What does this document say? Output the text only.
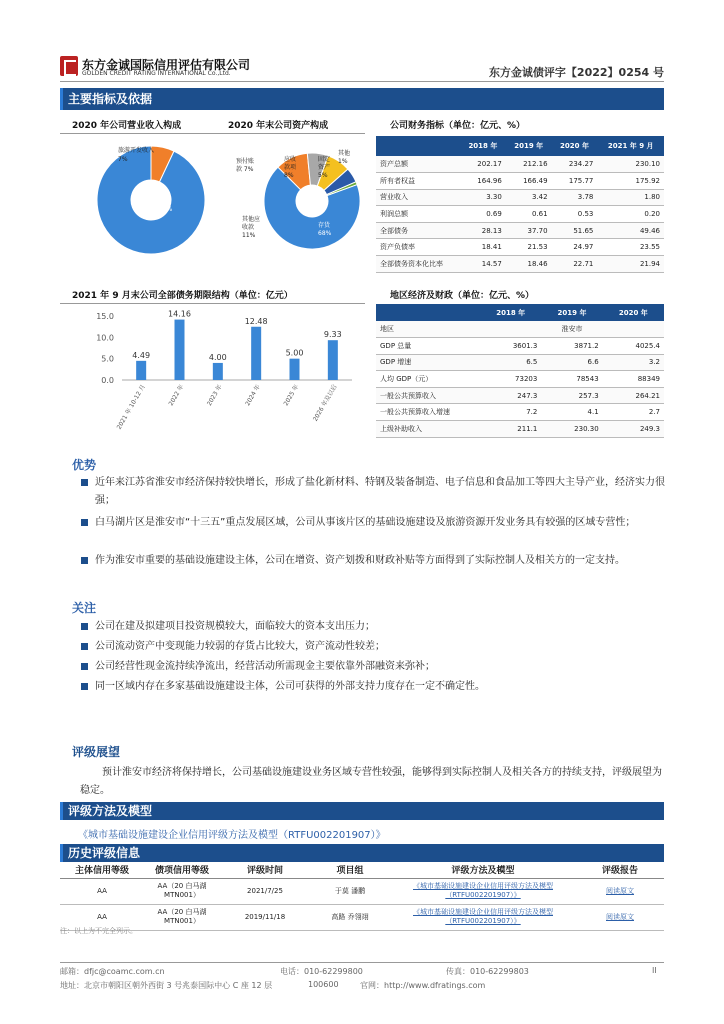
东方金诚国际信用评估有限公司
GOLDEN CREDIT RATING INTERNATIONAL Co.,Ltd.	东方金诚债评字【2022】0254 号
主要指标及依据
2020 年公司营业收入构成	2020 年末公司资产构成	公司财务指标（单位：亿元、%）
旅游开发收入 7%
基础设施建设 93%
预付账款 7%
应收款项 8%
固定资产 5%
其他 1%
存货 68%
其他应收款 11%
	2018 年	2019 年	2020 年	2021 年 9 月
资产总额	202.17	212.16	234.27	230.10
所有者权益	164.96	166.49	175.77	175.92
营业收入	3.30	3.42	3.78	1.80
利润总额	0.69	0.61	0.53	0.20
全部债务	28.13	37.70	51.65	49.46
资产负债率	18.41	21.53	24.97	23.55
全部债务资本化比率	14.57	18.46	22.71	21.94
2021 年 9 月末公司全部债务期限结构（单位：亿元）
0.0
5.0
10.0
15.0
4.49
2021 年 10-12 月
14.16
2022 年
4.00
2023 年
12.48
2024 年
5.00
2025 年
9.33
2026 年及以后
地区经济及财政（单位：亿元、%）
	2018 年	2019 年	2020 年
地区	淮安市		
GDP 总量	3601.3	3871.2	4025.4
GDP 增速	6.5	6.6	3.2
人均 GDP（元）	73203	78543	88349
一般公共预算收入	247.3	257.3	264.21
一般公共预算收入增速	7.2	4.1	2.7
上级补助收入	211.1	230.30	249.3
优势
近年来江苏省淮安市经济保持较快增长，形成了盐化新材料、特钢及装备制造、电子信息和食品加工等四大主导产业，经济实力很强；
白马湖片区是淮安市“十三五”重点发展区域，公司从事该片区的基础设施建设及旅游资源开发业务具有较强的区域专营性；
作为淮安市重要的基础设施建设主体，公司在增资、资产划拨和财政补贴等方面得到了实际控制人及相关方的一定支持。
关注
公司在建及拟建项目投资规模较大，面临较大的资本支出压力；
公司流动资产中变现能力较弱的存货占比较大，资产流动性较差；
公司经营性现金流持续净流出，经营活动所需现金主要依靠外部融资来弥补；
同一区域内存在多家基础设施建设主体，公司可获得的外部支持力度存在一定不确定性。
评级展望
预计淮安市经济将保持增长，公司基础设施建设业务区域专营性较强，能够得到实际控制人及相关各方的持续支持，评级展望为稳定。
评级方法及模型
《城市基础设施建设企业信用评级方法及模型（RTFU002201907）》
历史评级信息
主体信用等级	债项信用等级	评级时间	项目组	评级方法及模型	评级报告
AA	AA（20 白马湖 MTN001）	2021/7/25	于莫 潘鹏	《城市基础设施建设企业信用评级方法及模型（RTFU002201907）》	阅读原文
AA	AA（20 白马湖 MTN001）	2019/11/18	高路 乔翎翊	《城市基础设施建设企业信用评级方法及模型（RTFU002201907）》	阅读原文
注：以上为不完全列示。
邮箱：dfjc@coamc.com.cn	电话：010-62299800	传真：010-62299803	II
地址：北京市朝阳区朝外西街 3 号兆泰国际中心 C 座 12 层	100600	官网：http://www.dfratings.com
